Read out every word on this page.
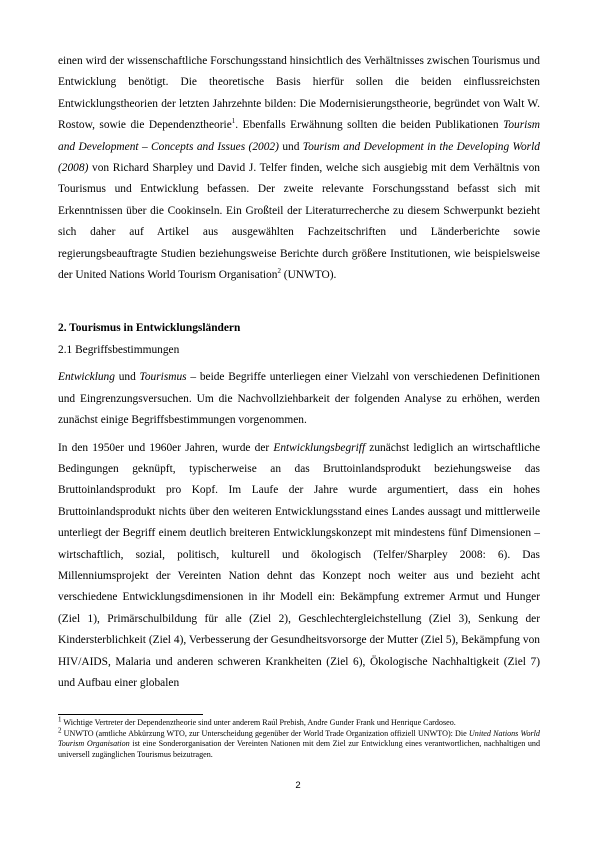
einen wird der wissenschaftliche Forschungsstand hinsichtlich des Verhältnisses zwischen Tourismus und Entwicklung benötigt. Die theoretische Basis hierfür sollen die beiden einflussreichsten Entwicklungstheorien der letzten Jahrzehnte bilden: Die Modernisierungstheorie, begründet von Walt W. Rostow, sowie die Dependenztheorie$^1$. Ebenfalls Erwähnung sollten die beiden Publikationen Tourism and Development – Concepts and Issues (2002) und Tourism and Development in the Developing World (2008) von Richard Sharpley und David J. Telfer finden, welche sich ausgiebig mit dem Verhältnis von Tourismus und Entwicklung befassen. Der zweite relevante Forschungsstand befasst sich mit Erkenntnissen über die Cookinseln. Ein Großteil der Literaturrecherche zu diesem Schwerpunkt bezieht sich daher auf Artikel aus ausgewählten Fachzeitschriften und Länderberichte sowie regierungsbeauftragte Studien beziehungsweise Berichte durch größere Institutionen, wie beispielsweise der United Nations World Tourism Organisation$^2$ (UNWTO).

2. Tourismus in Entwicklungsländern

2.1 Begriffsbestimmungen

Entwicklung und Tourismus – beide Begriffe unterliegen einer Vielzahl von verschiedenen Definitionen und Eingrenzungsversuchen. Um die Nachvollziehbarkeit der folgenden Analyse zu erhöhen, werden zunächst einige Begriffsbestimmungen vorgenommen.

In den 1950er und 1960er Jahren, wurde der Entwicklungsbegriff zunächst lediglich an wirtschaftliche Bedingungen geknüpft, typischerweise an das Bruttoinlandsprodukt beziehungsweise das Bruttoinlandsprodukt pro Kopf. Im Laufe der Jahre wurde argumentiert, dass ein hohes Bruttoinlandsprodukt nichts über den weiteren Entwicklungsstand eines Landes aussagt und mittlerweile unterliegt der Begriff einem deutlich breiteren Entwicklungskonzept mit mindestens fünf Dimensionen – wirtschaftlich, sozial, politisch, kulturell und ökologisch (Telfer/Sharpley 2008: 6). Das Millenniumsprojekt der Vereinten Nation dehnt das Konzept noch weiter aus und bezieht acht verschiedene Entwicklungsdimensionen in ihr Modell ein: Bekämpfung extremer Armut und Hunger (Ziel 1), Primärschulbildung für alle (Ziel 2), Geschlechtergleichstellung (Ziel 3), Senkung der Kindersterblichkeit (Ziel 4), Verbesserung der Gesundheitsvorsorge der Mutter (Ziel 5), Bekämpfung von HIV/AIDS, Malaria und anderen schweren Krankheiten (Ziel 6), Ökologische Nachhaltigkeit (Ziel 7) und Aufbau einer globalen

$^1$ Wichtige Vertreter der Dependenztheorie sind unter anderem Raúl Prebish, Andre Gunder Frank und Henrique Cardoseo.

$^2$ UNWTO (amtliche Abkürzung WTO, zur Unterscheidung gegenüber der World Trade Organization offiziell UNWTO): Die United Nations World Tourism Organisation ist eine Sonderorganisation der Vereinten Nationen mit dem Ziel zur Entwicklung eines verantwortlichen, nachhaltigen und universell zugänglichen Tourismus beizutragen.

2
